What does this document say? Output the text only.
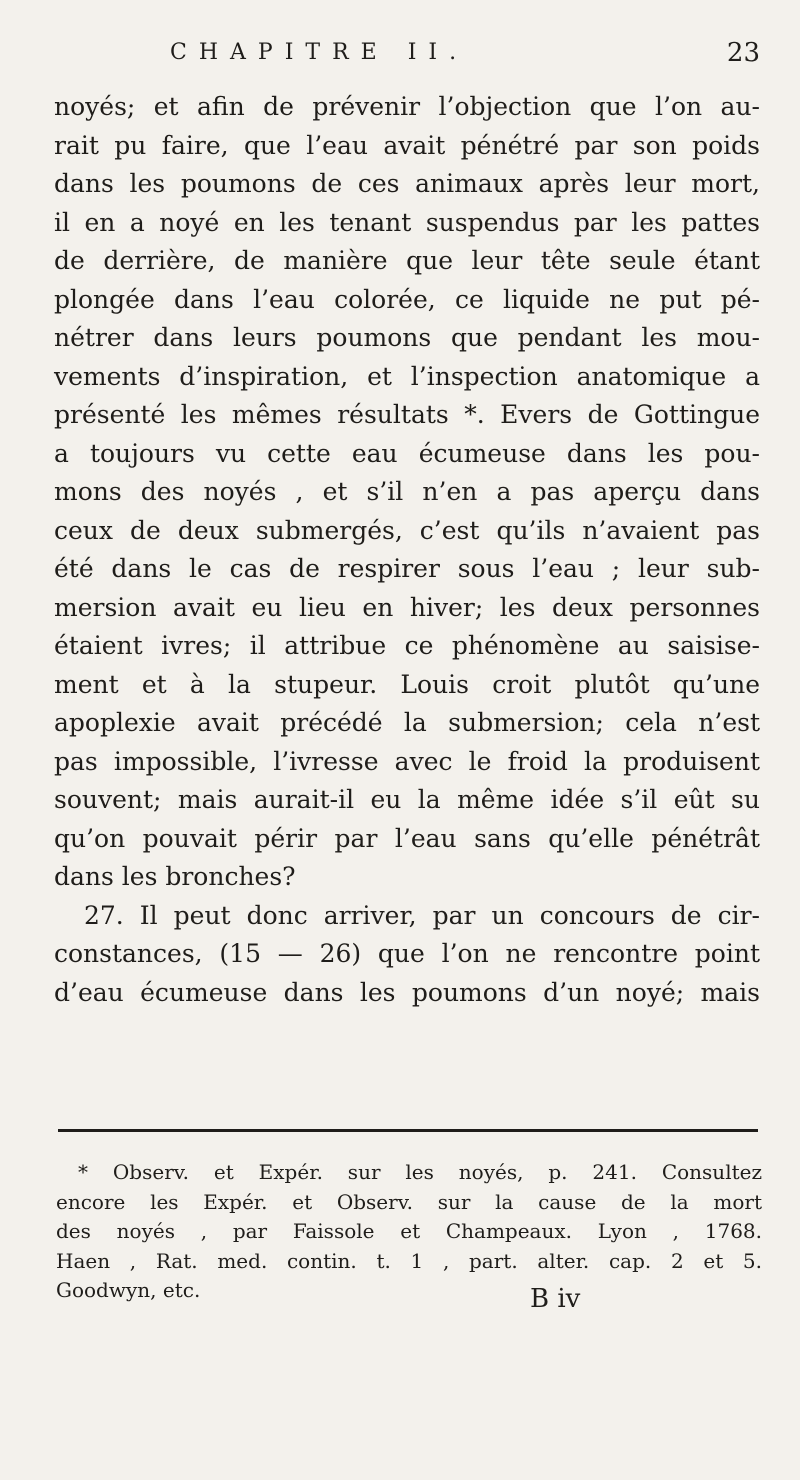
CHAPITRE II.	23
noyés; et afin de prévenir l’objection que l’on au-
rait pu faire, que l’eau avait pénétré par son poids
dans les poumons de ces animaux après leur mort,
il en a noyé en les tenant suspendus par les pattes
de derrière, de manière que leur tête seule étant
plongée dans l’eau colorée, ce liquide ne put pé-
nétrer dans leurs poumons que pendant les mou-
vements d’inspiration, et l’inspection anatomique a
présenté les mêmes résultats *. Evers de Gottingue
a toujours vu cette eau écumeuse dans les pou-
mons des noyés , et s’il n’en a pas aperçu dans
ceux de deux submergés, c’est qu’ils n’avaient pas
été dans le cas de respirer sous l’eau ; leur sub-
mersion avait eu lieu en hiver; les deux personnes
étaient ivres; il attribue ce phénomène au saisise-
ment et à la stupeur. Louis croit plutôt qu’une
apoplexie avait précédé la submersion; cela n’est
pas impossible, l’ivresse avec le froid la produisent
souvent; mais aurait-il eu la même idée s’il eût su
qu’on pouvait périr par l’eau sans qu’elle pénétrât
dans les bronches?
27. Il peut donc arriver, par un concours de cir-
constances, (15 — 26) que l’on ne rencontre point
d’eau écumeuse dans les poumons d’un noyé; mais
* Observ. et Expér. sur les noyés, p. 241. Consultez
encore les Expér. et Observ. sur la cause de la mort
des noyés , par Faissole et Champeaux. Lyon , 1768.
Haen , Rat. med. contin. t. 1 , part. alter. cap. 2 et 5.
Goodwyn, etc.	B iv
